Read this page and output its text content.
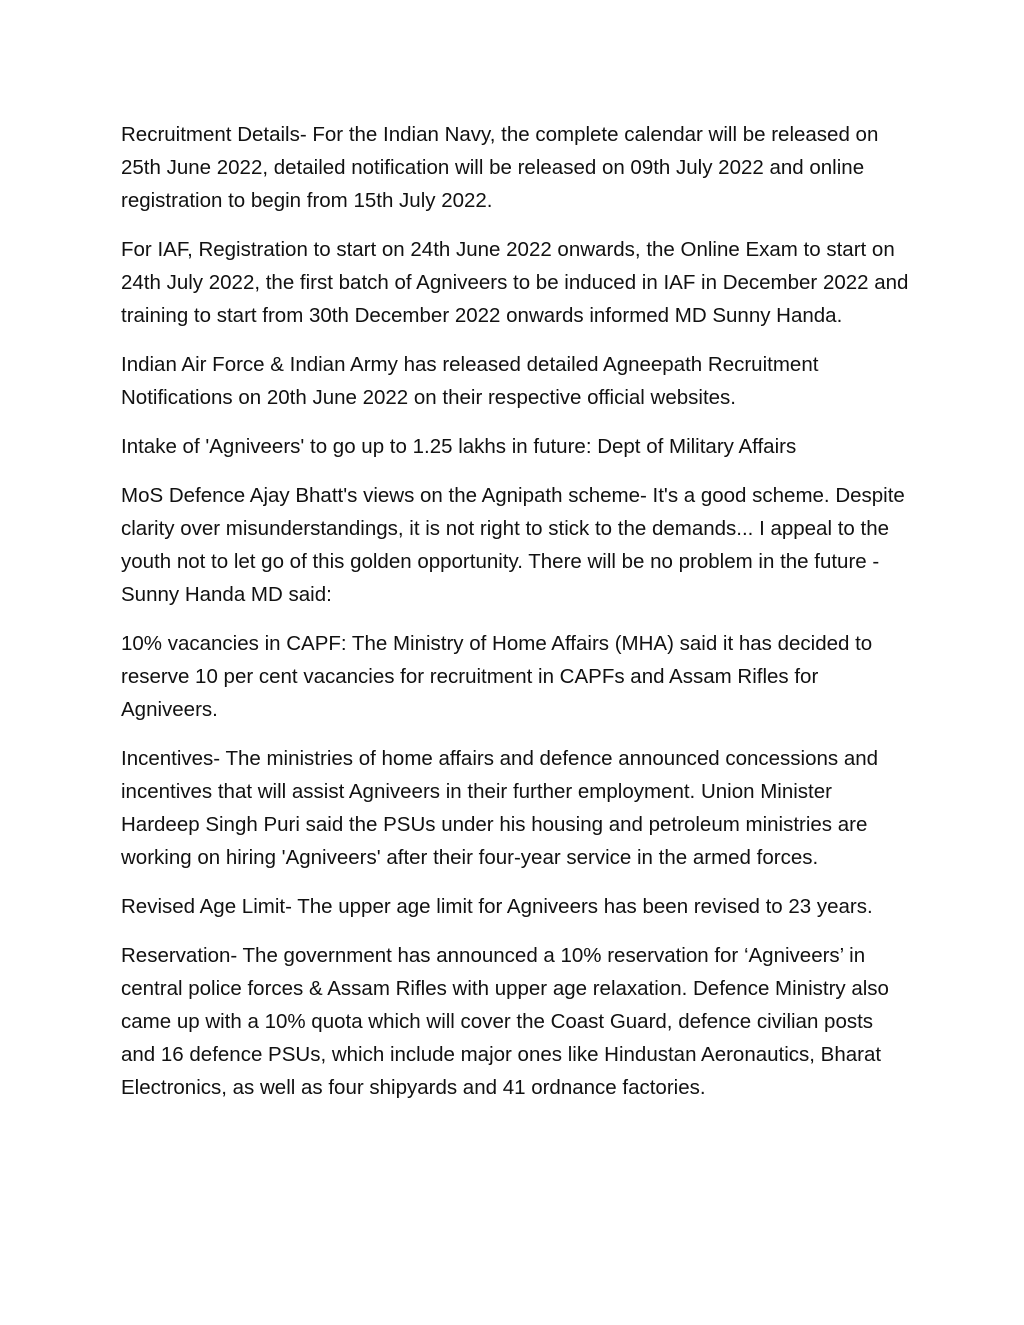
Recruitment Details- For the Indian Navy, the complete calendar will be released on 25th June 2022, detailed notification will be released on 09th July 2022 and online registration to begin from 15th July 2022.

For IAF, Registration to start on 24th June 2022 onwards, the Online Exam to start on 24th July 2022, the first batch of Agniveers to be induced in IAF in December 2022 and training to start from 30th December 2022 onwards informed MD Sunny Handa.

Indian Air Force & Indian Army has released detailed Agneepath Recruitment Notifications on 20th June 2022 on their respective official websites.

Intake of 'Agniveers' to go up to 1.25 lakhs in future: Dept of Military Affairs

MoS Defence Ajay Bhatt's views on the Agnipath scheme- It's a good scheme. Despite clarity over misunderstandings, it is not right to stick to the demands... I appeal to the youth not to let go of this golden opportunity. There will be no problem in the future - Sunny Handa MD said:

10% vacancies in CAPF: The Ministry of Home Affairs (MHA) said it has decided to reserve 10 per cent vacancies for recruitment in CAPFs and Assam Rifles for Agniveers.

Incentives- The ministries of home affairs and defence announced concessions and incentives that will assist Agniveers in their further employment. Union Minister Hardeep Singh Puri said the PSUs under his housing and petroleum ministries are working on hiring 'Agniveers' after their four-year service in the armed forces.

Revised Age Limit- The upper age limit for Agniveers has been revised to 23 years.

Reservation- The government has announced a 10% reservation for ‘Agniveers’ in central police forces & Assam Rifles with upper age relaxation. Defence Ministry also came up with a 10% quota which will cover the Coast Guard, defence civilian posts and 16 defence PSUs, which include major ones like Hindustan Aeronautics, Bharat Electronics, as well as four shipyards and 41 ordnance factories.
